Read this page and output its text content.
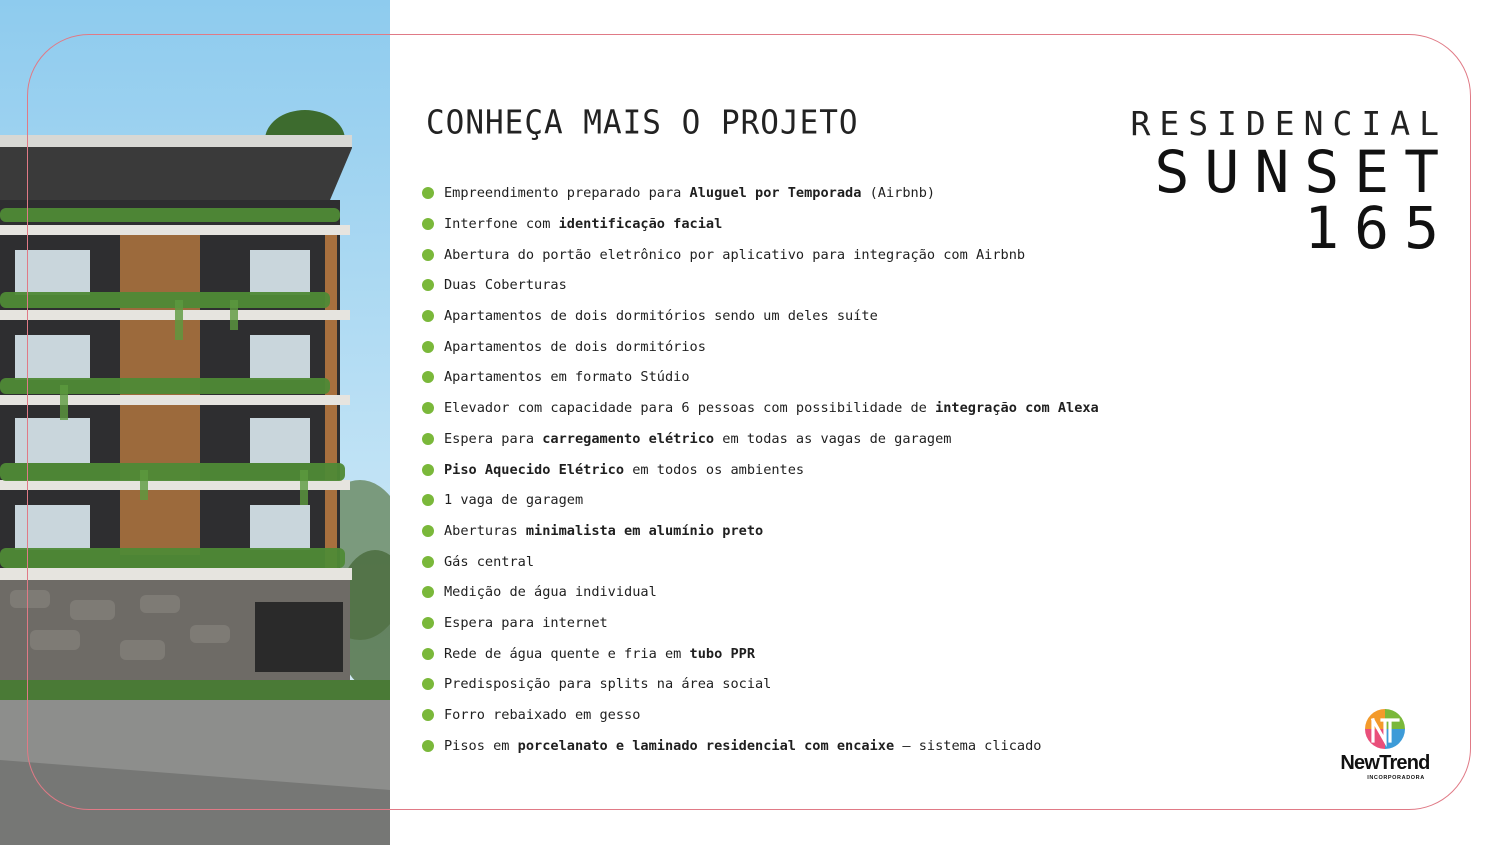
CONHEÇA MAIS O PROJETO
Empreendimento preparado para Aluguel por Temporada (Airbnb)
Interfone com identificação facial
Abertura do portão eletrônico por aplicativo para integração com Airbnb
Duas Coberturas
Apartamentos de dois dormitórios sendo um deles suíte
Apartamentos de dois dormitórios
Apartamentos em formato Stúdio
Elevador com capacidade para 6 pessoas com possibilidade de integração com Alexa
Espera para carregamento elétrico em todas as vagas de garagem
Piso Aquecido Elétrico em todos os ambientes
1 vaga de garagem
Aberturas minimalista em alumínio preto
Gás central
Medição de água individual
Espera para internet
Rede de água quente e fria em tubo PPR
Predisposição para splits na área social
Forro rebaixado em gesso
Pisos em porcelanato e laminado residencial com encaixe – sistema clicado
RESIDENCIAL
SUNSET
165
NewTrend
INCORPORADORA
